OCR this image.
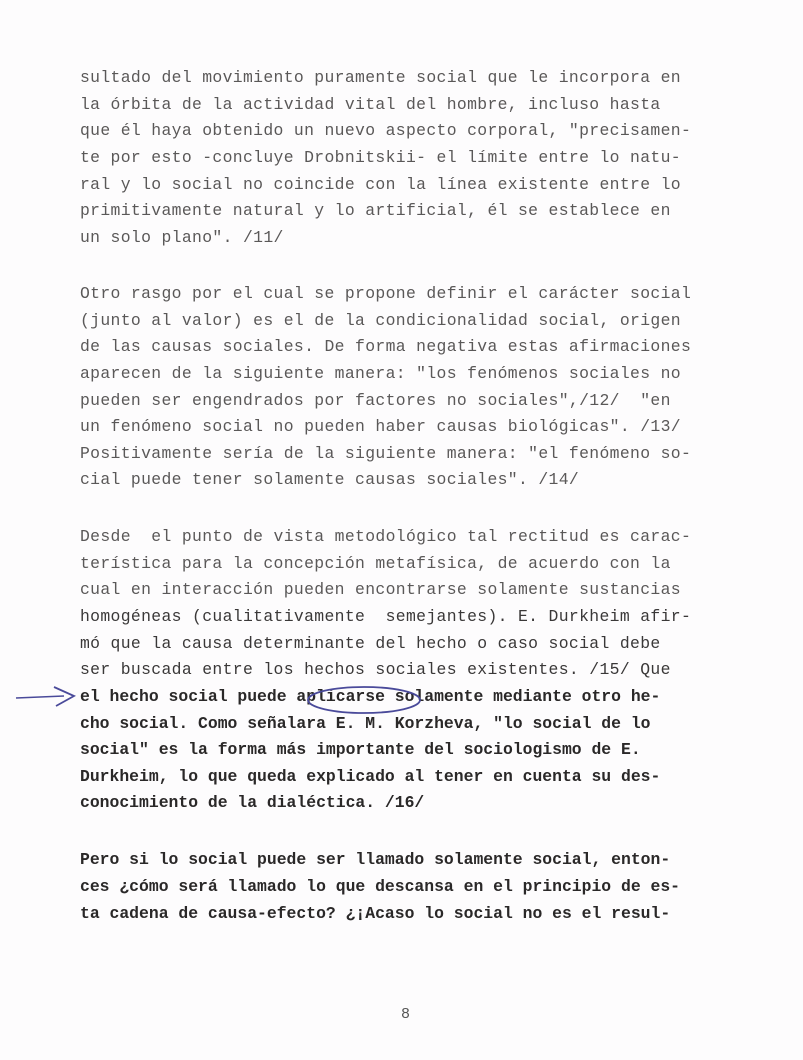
sultado del movimiento puramente social que le incorpora en
la órbita de la actividad vital del hombre, incluso hasta
que él haya obtenido un nuevo aspecto corporal, "precisamen-
te por esto -concluye Drobnitskii- el límite entre lo natu-
ral y lo social no coincide con la línea existente entre lo
primitivamente natural y lo artificial, él se establece en
un solo plano". /11/
Otro rasgo por el cual se propone definir el carácter social
(junto al valor) es el de la condicionalidad social, origen
de las causas sociales. De forma negativa estas afirmaciones
aparecen de la siguiente manera: "los fenómenos sociales no
pueden ser engendrados por factores no sociales",/12/  "en
un fenómeno social no pueden haber causas biológicas". /13/
Positivamente sería de la siguiente manera: "el fenómeno so-
cial puede tener solamente causas sociales". /14/
Desde  el punto de vista metodológico tal rectitud es carac-
terística para la concepción metafísica, de acuerdo con la
cual en interacción pueden encontrarse solamente sustancias
homogéneas (cualitativamente  semejantes). E. Durkheim afir-
mó que la causa determinante del hecho o caso social debe
ser buscada entre los hechos sociales existentes. /15/ Que
el hecho social puede aplicarse solamente mediante otro he-
cho social. Como señalara E. M. Korzheva, "lo social de lo
social" es la forma más importante del sociologismo de E.
Durkheim, lo que queda explicado al tener en cuenta su des-
conocimiento de la dialéctica. /16/
Pero si lo social puede ser llamado solamente social, enton-
ces ¿cómo será llamado lo que descansa en el principio de es-
ta cadena de causa-efecto? ¿¡Acaso lo social no es el resul-
8
